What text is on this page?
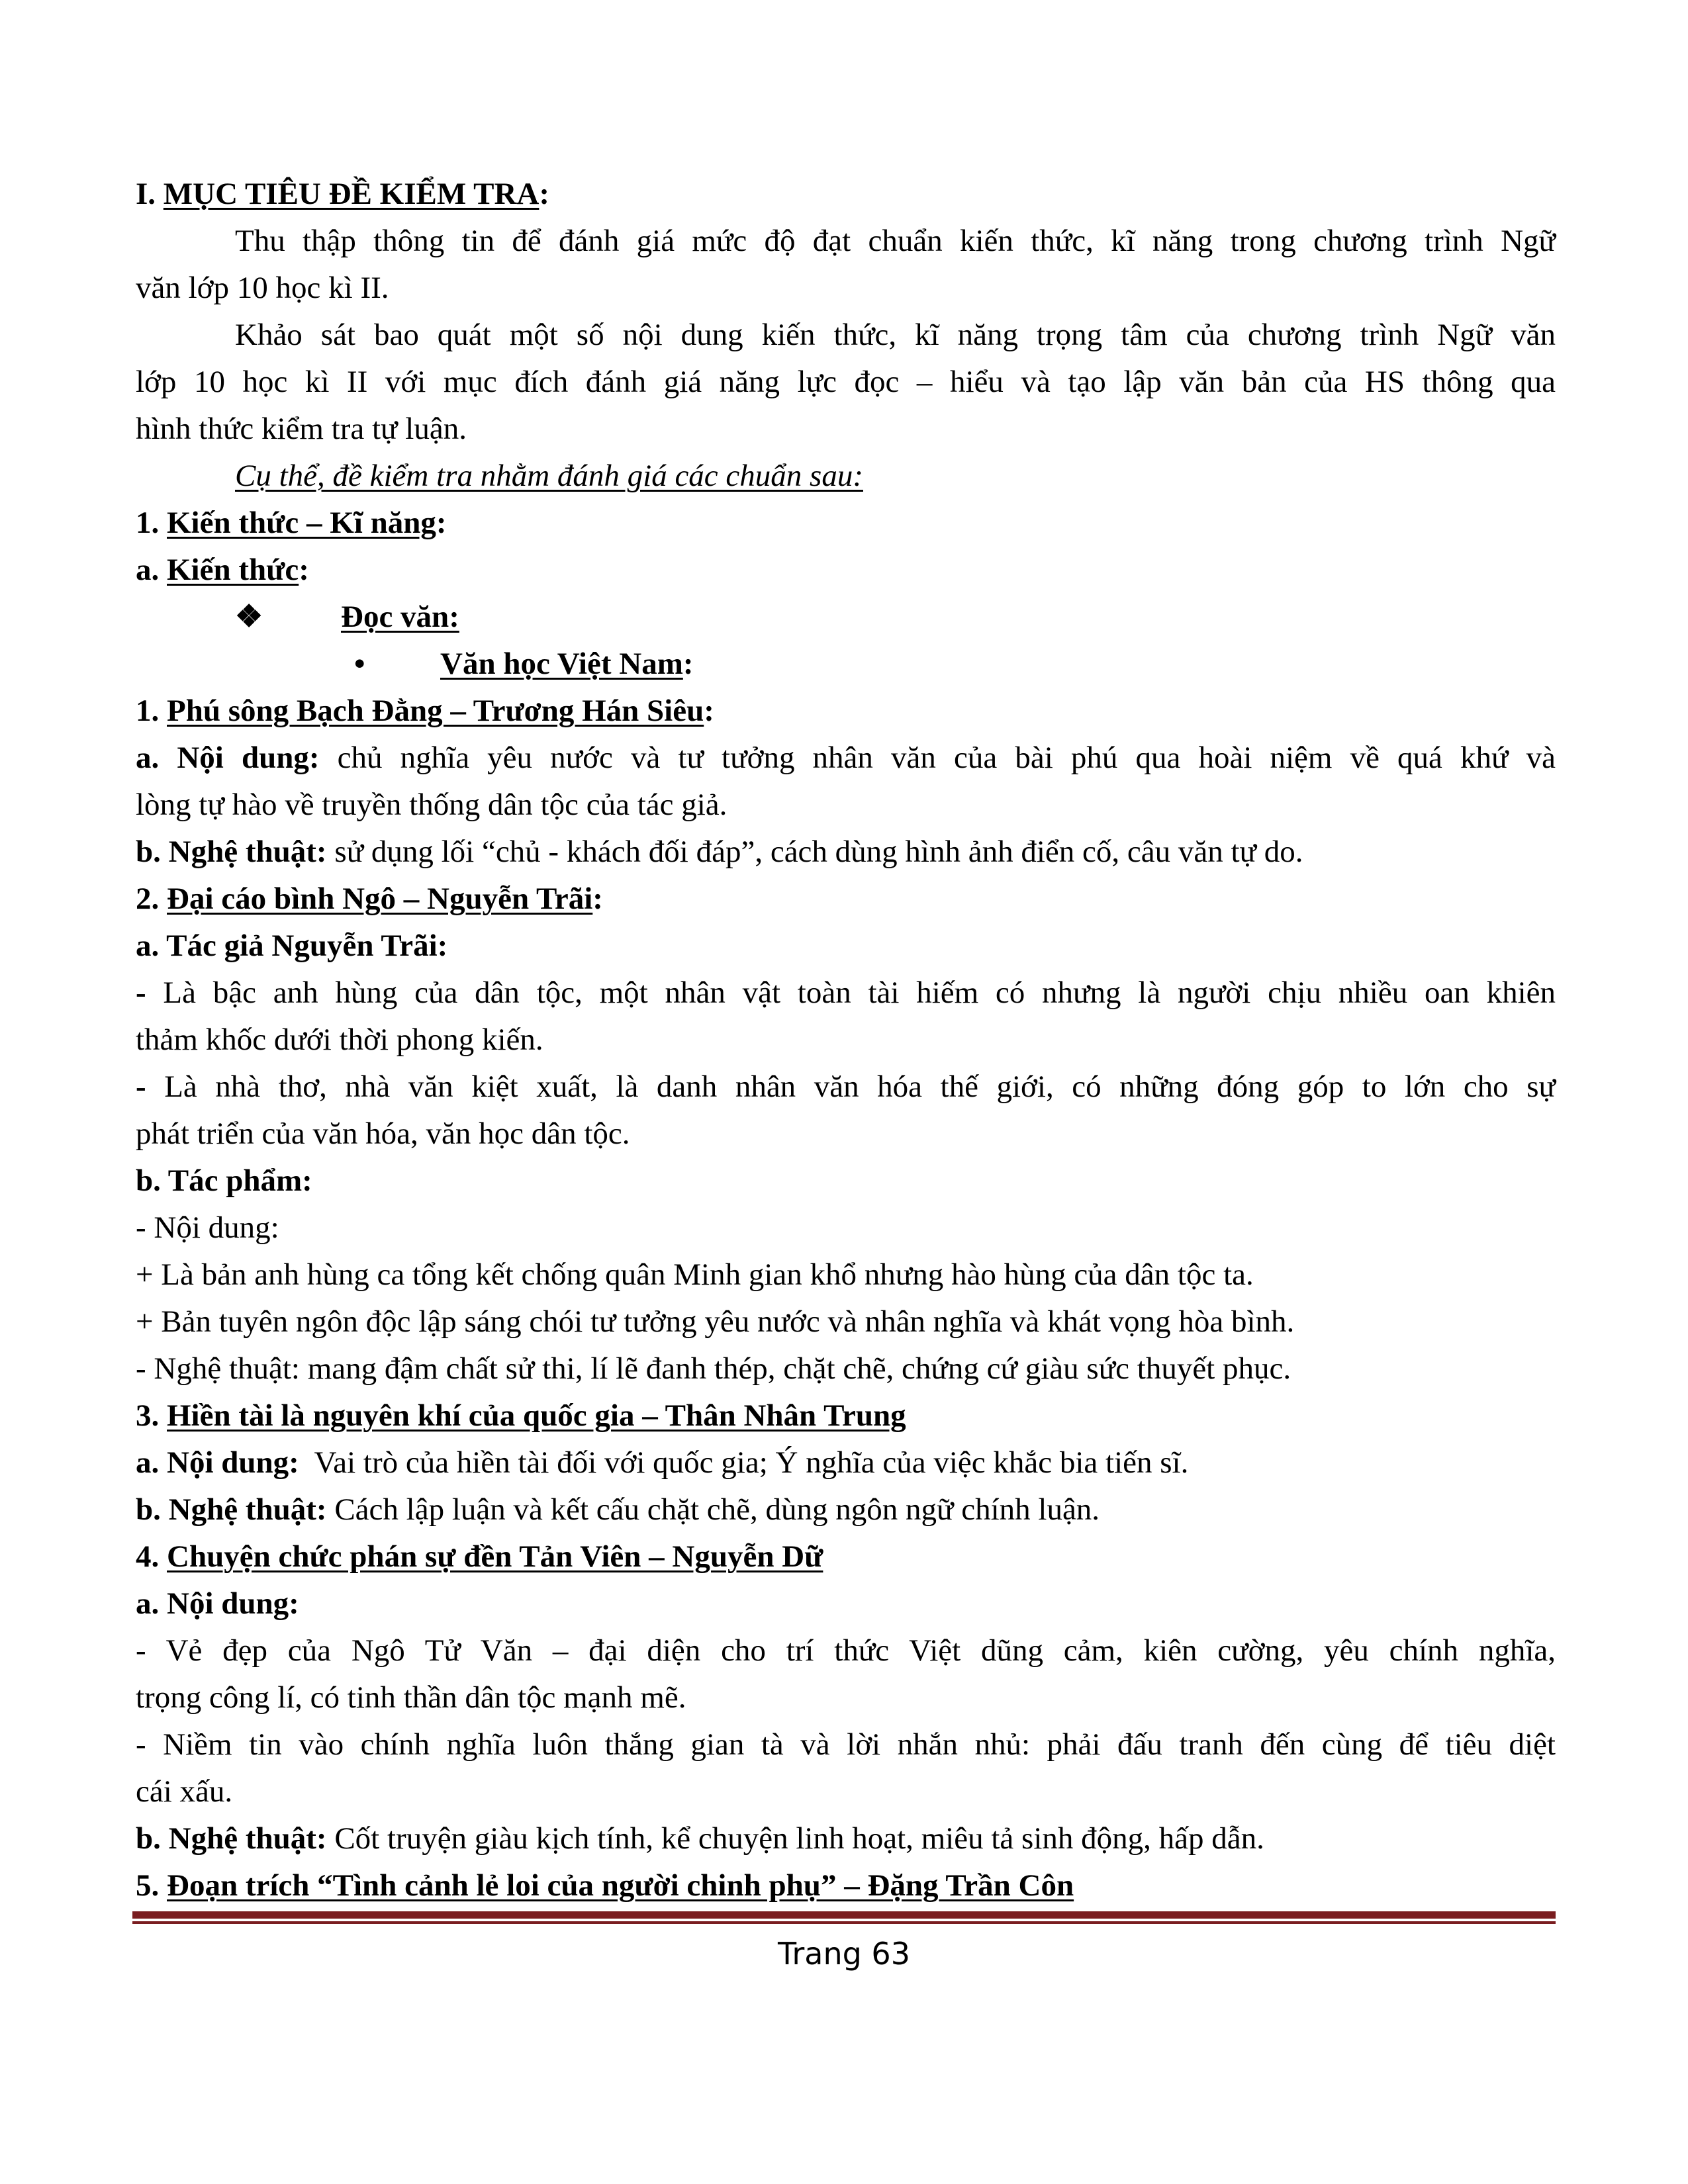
I. MỤC TIÊU ĐỀ KIỂM TRA:
Thu thập thông tin để đánh giá mức độ đạt chuẩn kiến thức, kĩ năng trong chương trình Ngữ
văn lớp 10 học kì II.
Khảo sát bao quát một số nội dung kiến thức, kĩ năng trọng tâm của chương trình Ngữ văn
lớp 10 học kì II với mục đích đánh giá năng lực đọc – hiểu và tạo lập văn bản của HS thông qua
hình thức kiểm tra tự luận.
Cụ thể, đề kiểm tra nhằm đánh giá các chuẩn sau:
1. Kiến thức – Kĩ năng:
a. Kiến thức:
❖	Đọc văn:
•	Văn học Việt Nam :
1. Phú sông Bạch Đằng – Trương Hán Siêu:
a. Nội dung: chủ nghĩa yêu nước và tư tưởng nhân văn của bài phú qua hoài niệm về quá khứ và
lòng tự hào về truyền thống dân tộc của tác giả.
b. Nghệ thuật: sử dụng lối “chủ - khách đối đáp”, cách dùng hình ảnh điển cố, câu văn tự do.
2. Đại cáo bình Ngô – Nguyễn Trãi:
a. Tác giả Nguyễn Trãi:
- Là bậc anh hùng của dân tộc, một nhân vật toàn tài hiếm có nhưng là người chịu nhiều oan khiên
thảm khốc dưới thời phong kiến.
- Là nhà thơ, nhà văn kiệt xuất, là danh nhân văn hóa thế giới, có những đóng góp to lớn cho sự
phát triển của văn hóa, văn học dân tộc.
b. Tác phẩm:
- Nội dung:
+ Là bản anh hùng ca tổng kết chống quân Minh gian khổ nhưng hào hùng của dân tộc ta.
+ Bản tuyên ngôn độc lập sáng chói tư tưởng yêu nước và nhân nghĩa và khát vọng hòa bình.
- Nghệ thuật: mang đậm chất sử thi, lí lẽ đanh thép, chặt chẽ, chứng cứ giàu sức thuyết phục.
3. Hiền tài là nguyên khí của quốc gia – Thân Nhân Trung
a. Nội dung:  Vai trò của hiền tài đối với quốc gia; Ý nghĩa của việc khắc bia tiến sĩ.
b. Nghệ thuật: Cách lập luận và kết cấu chặt chẽ, dùng ngôn ngữ chính luận.
4. Chuyện chức phán sự đền Tản Viên – Nguyễn Dữ
a. Nội dung:
- Vẻ đẹp của Ngô Tử Văn – đại diện cho trí thức Việt dũng cảm, kiên cường, yêu chính nghĩa,
trọng công lí, có tinh thần dân tộc mạnh mẽ.
- Niềm tin vào chính nghĩa luôn thắng gian tà và lời nhắn nhủ: phải đấu tranh đến cùng để tiêu diệt
cái xấu.
b. Nghệ thuật: Cốt truyện giàu kịch tính, kể chuyện linh hoạt, miêu tả sinh động, hấp dẫn.
5. Đoạn trích “Tình cảnh lẻ loi của người chinh phụ” – Đặng Trần Côn
Trang 63
